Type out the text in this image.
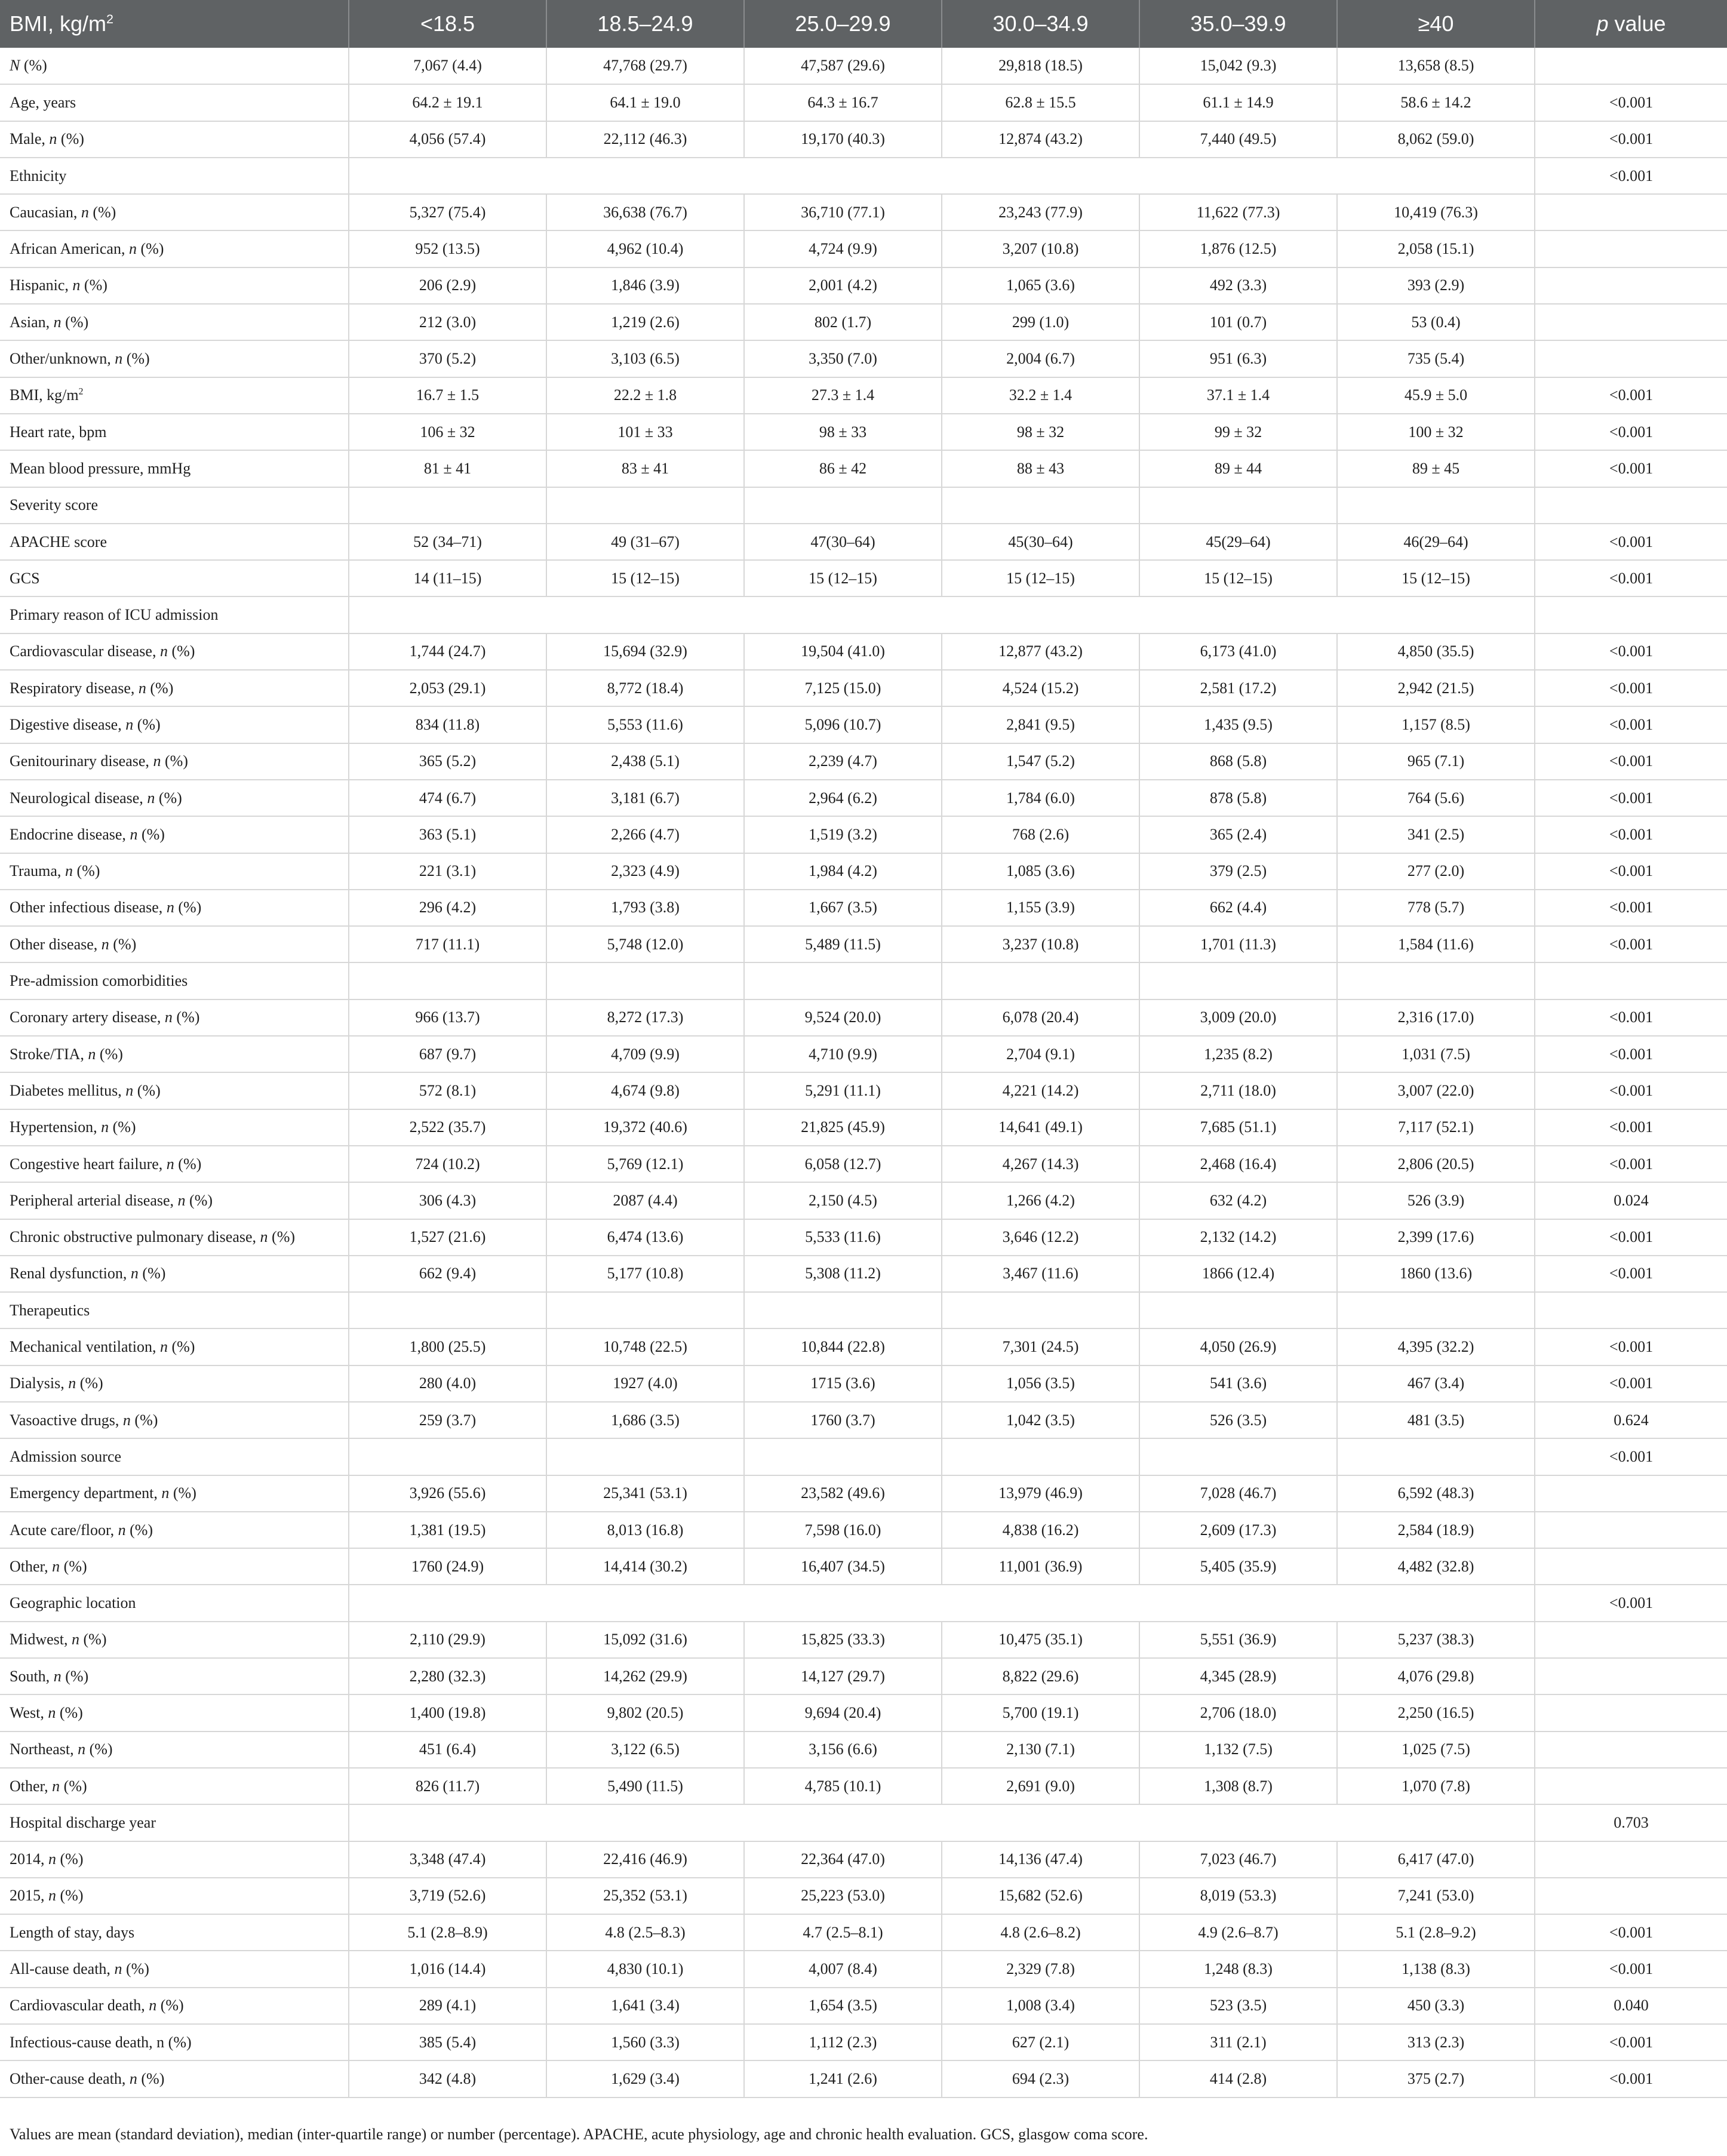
BMI, $kg/m^2$	<18.5	18.5–24.9	25.0–29.9	30.0–34.9	35.0–39.9	≥40	p value
N (%)	7,067 (4.4)	47,768 (29.7)	47,587 (29.6)	29,818 (18.5)	15,042 (9.3)	13,658 (8.5)	
Age, years	64.2 ± 19.1	64.1 ± 19.0	64.3 ± 16.7	62.8 ± 15.5	61.1 ± 14.9	58.6 ± 14.2	<0.001
Male, n (%)	4,056 (57.4)	22,112 (46.3)	19,170 (40.3)	12,874 (43.2)	7,440 (49.5)	8,062 (59.0)	<0.001
Ethnicity							<0.001
Caucasian, n (%)	5,327 (75.4)	36,638 (76.7)	36,710 (77.1)	23,243 (77.9)	11,622 (77.3)	10,419 (76.3)	
African American, n (%)	952 (13.5)	4,962 (10.4)	4,724 (9.9)	3,207 (10.8)	1,876 (12.5)	2,058 (15.1)	
Hispanic, n (%)	206 (2.9)	1,846 (3.9)	2,001 (4.2)	1,065 (3.6)	492 (3.3)	393 (2.9)	
Asian, n (%)	212 (3.0)	1,219 (2.6)	802 (1.7)	299 (1.0)	101 (0.7)	53 (0.4)	
Other/unknown, n (%)	370 (5.2)	3,103 (6.5)	3,350 (7.0)	2,004 (6.7)	951 (6.3)	735 (5.4)	
BMI, $kg/m^2$	16.7 ± 1.5	22.2 ± 1.8	27.3 ± 1.4	32.2 ± 1.4	37.1 ± 1.4	45.9 ± 5.0	<0.001
Heart rate, bpm	106 ± 32	101 ± 33	98 ± 33	98 ± 32	99 ± 32	100 ± 32	<0.001
Mean blood pressure, mmHg	81 ± 41	83 ± 41	86 ± 42	88 ± 43	89 ± 44	89 ± 45	<0.001
Severity score							
APACHE score	52 (34–71)	49 (31–67)	47(30–64)	45(30–64)	45(29–64)	46(29–64)	<0.001
GCS	14 (11–15)	15 (12–15)	15 (12–15)	15 (12–15)	15 (12–15)	15 (12–15)	<0.001
Primary reason of ICU admission							
Cardiovascular disease, n (%)	1,744 (24.7)	15,694 (32.9)	19,504 (41.0)	12,877 (43.2)	6,173 (41.0)	4,850 (35.5)	<0.001
Respiratory disease, n (%)	2,053 (29.1)	8,772 (18.4)	7,125 (15.0)	4,524 (15.2)	2,581 (17.2)	2,942 (21.5)	<0.001
Digestive disease, n (%)	834 (11.8)	5,553 (11.6)	5,096 (10.7)	2,841 (9.5)	1,435 (9.5)	1,157 (8.5)	<0.001
Genitourinary disease, n (%)	365 (5.2)	2,438 (5.1)	2,239 (4.7)	1,547 (5.2)	868 (5.8)	965 (7.1)	<0.001
Neurological disease, n (%)	474 (6.7)	3,181 (6.7)	2,964 (6.2)	1,784 (6.0)	878 (5.8)	764 (5.6)	<0.001
Endocrine disease, n (%)	363 (5.1)	2,266 (4.7)	1,519 (3.2)	768 (2.6)	365 (2.4)	341 (2.5)	<0.001
Trauma, n (%)	221 (3.1)	2,323 (4.9)	1,984 (4.2)	1,085 (3.6)	379 (2.5)	277 (2.0)	<0.001
Other infectious disease, n (%)	296 (4.2)	1,793 (3.8)	1,667 (3.5)	1,155 (3.9)	662 (4.4)	778 (5.7)	<0.001
Other disease, n (%)	717 (11.1)	5,748 (12.0)	5,489 (11.5)	3,237 (10.8)	1,701 (11.3)	1,584 (11.6)	<0.001
Pre-admission comorbidities							
Coronary artery disease, n (%)	966 (13.7)	8,272 (17.3)	9,524 (20.0)	6,078 (20.4)	3,009 (20.0)	2,316 (17.0)	<0.001
Stroke/TIA, n (%)	687 (9.7)	4,709 (9.9)	4,710 (9.9)	2,704 (9.1)	1,235 (8.2)	1,031 (7.5)	<0.001
Diabetes mellitus, n (%)	572 (8.1)	4,674 (9.8)	5,291 (11.1)	4,221 (14.2)	2,711 (18.0)	3,007 (22.0)	<0.001
Hypertension, n (%)	2,522 (35.7)	19,372 (40.6)	21,825 (45.9)	14,641 (49.1)	7,685 (51.1)	7,117 (52.1)	<0.001
Congestive heart failure, n (%)	724 (10.2)	5,769 (12.1)	6,058 (12.7)	4,267 (14.3)	2,468 (16.4)	2,806 (20.5)	<0.001
Peripheral arterial disease, n (%)	306 (4.3)	2087 (4.4)	2,150 (4.5)	1,266 (4.2)	632 (4.2)	526 (3.9)	0.024
Chronic obstructive pulmonary disease, n (%)	1,527 (21.6)	6,474 (13.6)	5,533 (11.6)	3,646 (12.2)	2,132 (14.2)	2,399 (17.6)	<0.001
Renal dysfunction, n (%)	662 (9.4)	5,177 (10.8)	5,308 (11.2)	3,467 (11.6)	1866 (12.4)	1860 (13.6)	<0.001
Therapeutics							
Mechanical ventilation, n (%)	1,800 (25.5)	10,748 (22.5)	10,844 (22.8)	7,301 (24.5)	4,050 (26.9)	4,395 (32.2)	<0.001
Dialysis, n (%)	280 (4.0)	1927 (4.0)	1715 (3.6)	1,056 (3.5)	541 (3.6)	467 (3.4)	<0.001
Vasoactive drugs, n (%)	259 (3.7)	1,686 (3.5)	1760 (3.7)	1,042 (3.5)	526 (3.5)	481 (3.5)	0.624
Admission source							<0.001
Emergency department, n (%)	3,926 (55.6)	25,341 (53.1)	23,582 (49.6)	13,979 (46.9)	7,028 (46.7)	6,592 (48.3)	
Acute care/floor, n (%)	1,381 (19.5)	8,013 (16.8)	7,598 (16.0)	4,838 (16.2)	2,609 (17.3)	2,584 (18.9)	
Other, n (%)	1760 (24.9)	14,414 (30.2)	16,407 (34.5)	11,001 (36.9)	5,405 (35.9)	4,482 (32.8)	
Geographic location							<0.001
Midwest, n (%)	2,110 (29.9)	15,092 (31.6)	15,825 (33.3)	10,475 (35.1)	5,551 (36.9)	5,237 (38.3)	
South, n (%)	2,280 (32.3)	14,262 (29.9)	14,127 (29.7)	8,822 (29.6)	4,345 (28.9)	4,076 (29.8)	
West, n (%)	1,400 (19.8)	9,802 (20.5)	9,694 (20.4)	5,700 (19.1)	2,706 (18.0)	2,250 (16.5)	
Northeast, n (%)	451 (6.4)	3,122 (6.5)	3,156 (6.6)	2,130 (7.1)	1,132 (7.5)	1,025 (7.5)	
Other, n (%)	826 (11.7)	5,490 (11.5)	4,785 (10.1)	2,691 (9.0)	1,308 (8.7)	1,070 (7.8)	
Hospital discharge year							0.703
2014, n (%)	3,348 (47.4)	22,416 (46.9)	22,364 (47.0)	14,136 (47.4)	7,023 (46.7)	6,417 (47.0)	
2015, n (%)	3,719 (52.6)	25,352 (53.1)	25,223 (53.0)	15,682 (52.6)	8,019 (53.3)	7,241 (53.0)	
Length of stay, days	5.1 (2.8–8.9)	4.8 (2.5–8.3)	4.7 (2.5–8.1)	4.8 (2.6–8.2)	4.9 (2.6–8.7)	5.1 (2.8–9.2)	<0.001
All-cause death, n (%)	1,016 (14.4)	4,830 (10.1)	4,007 (8.4)	2,329 (7.8)	1,248 (8.3)	1,138 (8.3)	<0.001
Cardiovascular death, n (%)	289 (4.1)	1,641 (3.4)	1,654 (3.5)	1,008 (3.4)	523 (3.5)	450 (3.3)	0.040
Infectious-cause death, n (%)	385 (5.4)	1,560 (3.3)	1,112 (2.3)	627 (2.1)	311 (2.1)	313 (2.3)	<0.001
Other-cause death, n (%)	342 (4.8)	1,629 (3.4)	1,241 (2.6)	694 (2.3)	414 (2.8)	375 (2.7)	<0.001
Values are mean (standard deviation), median (inter-quartile range) or number (percentage). APACHE, acute physiology, age and chronic health evaluation. GCS, glasgow coma score.
